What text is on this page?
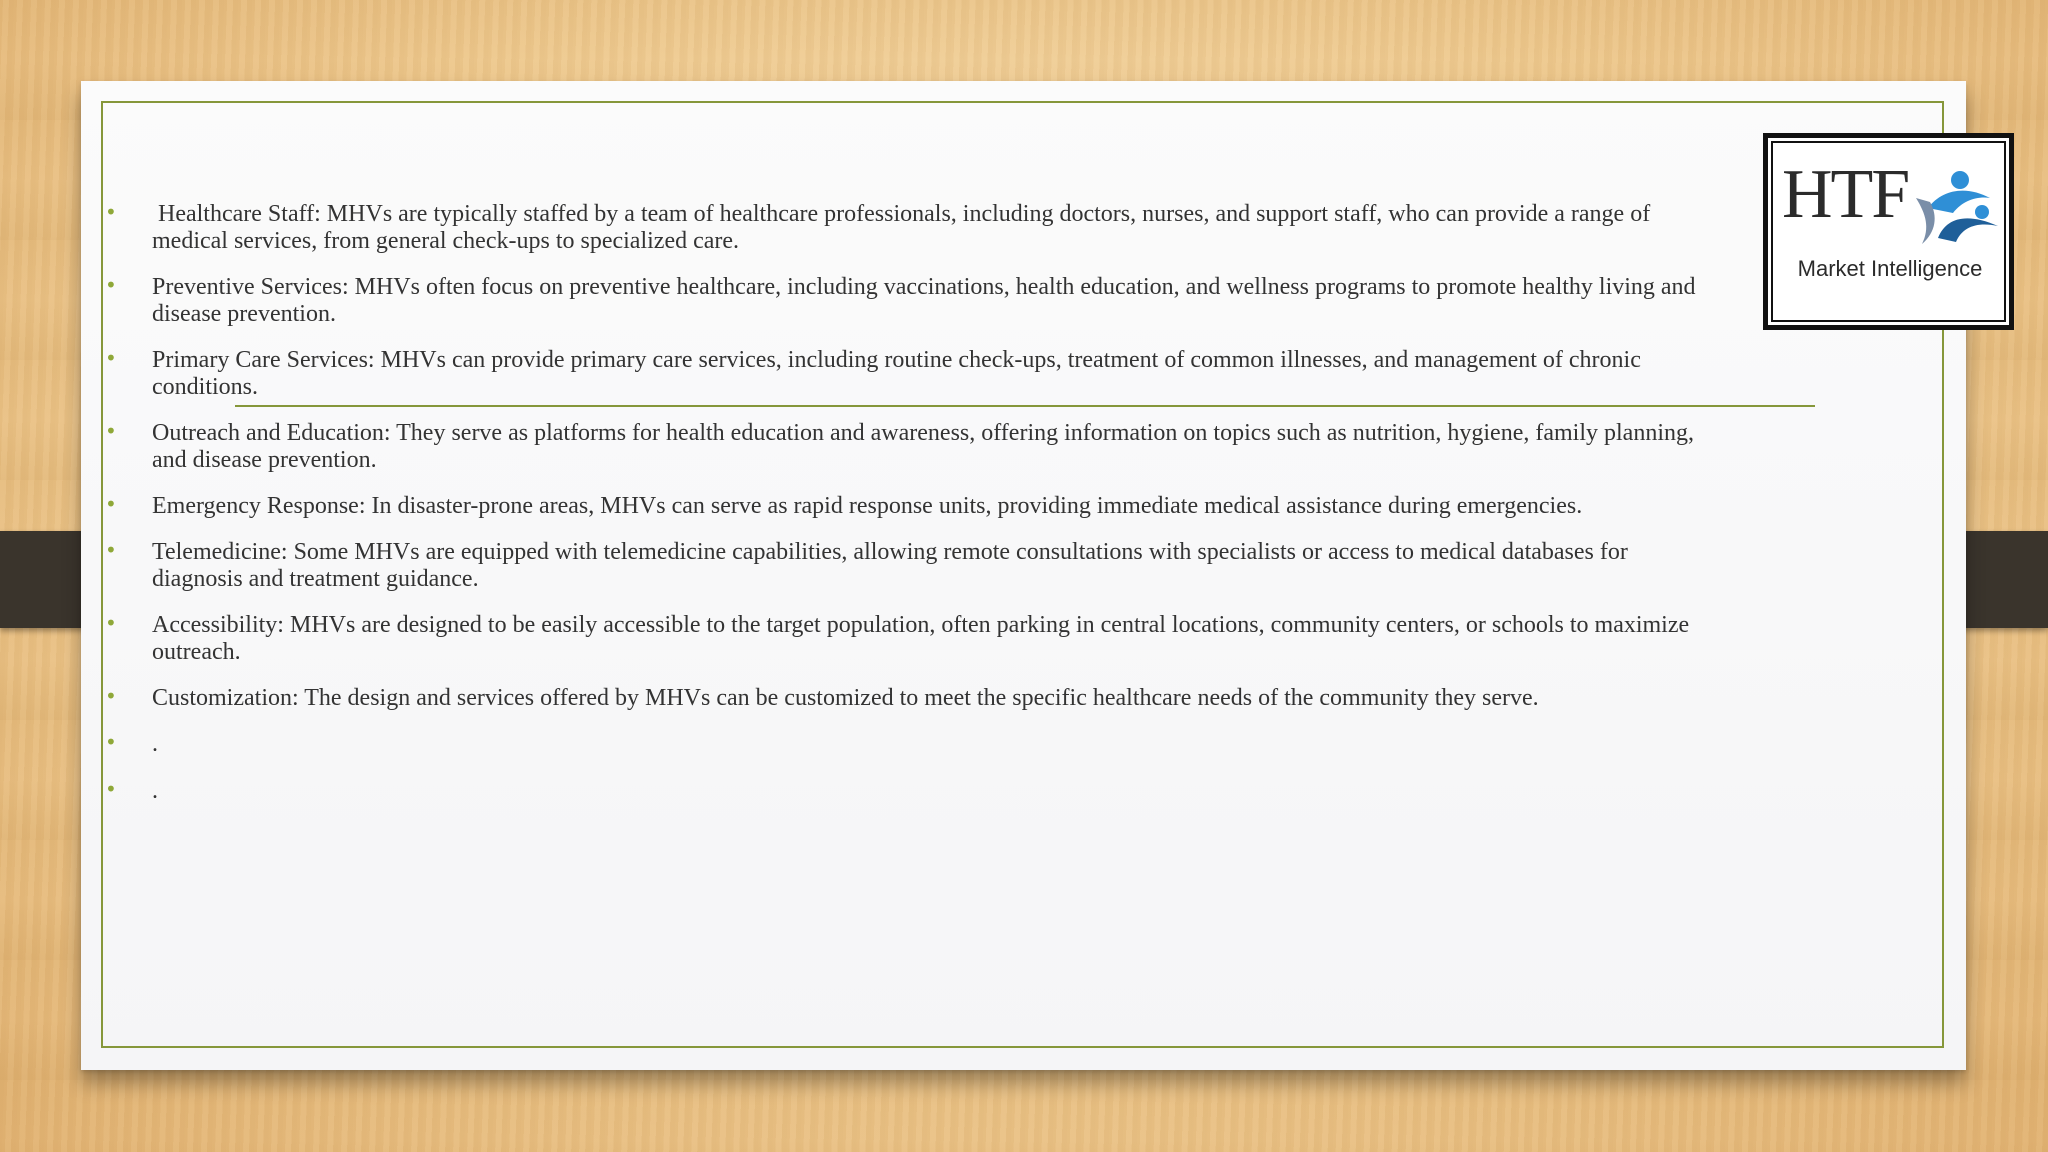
HTF
Market Intelligence
• Healthcare Staff: MHVs are typically staffed by a team of healthcare professionals, including doctors, nurses, and support staff, who can provide a range of medical services, from general check-ups to specialized care.
• Preventive Services: MHVs often focus on preventive healthcare, including vaccinations, health education, and wellness programs to promote healthy living and disease prevention.
• Primary Care Services: MHVs can provide primary care services, including routine check-ups, treatment of common illnesses, and management of chronic conditions.
• Outreach and Education: They serve as platforms for health education and awareness, offering information on topics such as nutrition, hygiene, family planning, and disease prevention.
• Emergency Response: In disaster-prone areas, MHVs can serve as rapid response units, providing immediate medical assistance during emergencies.
• Telemedicine: Some MHVs are equipped with telemedicine capabilities, allowing remote consultations with specialists or access to medical databases for diagnosis and treatment guidance.
• Accessibility: MHVs are designed to be easily accessible to the target population, often parking in central locations, community centers, or schools to maximize outreach.
• Customization: The design and services offered by MHVs can be customized to meet the specific healthcare needs of the community they serve.
• .
• .
